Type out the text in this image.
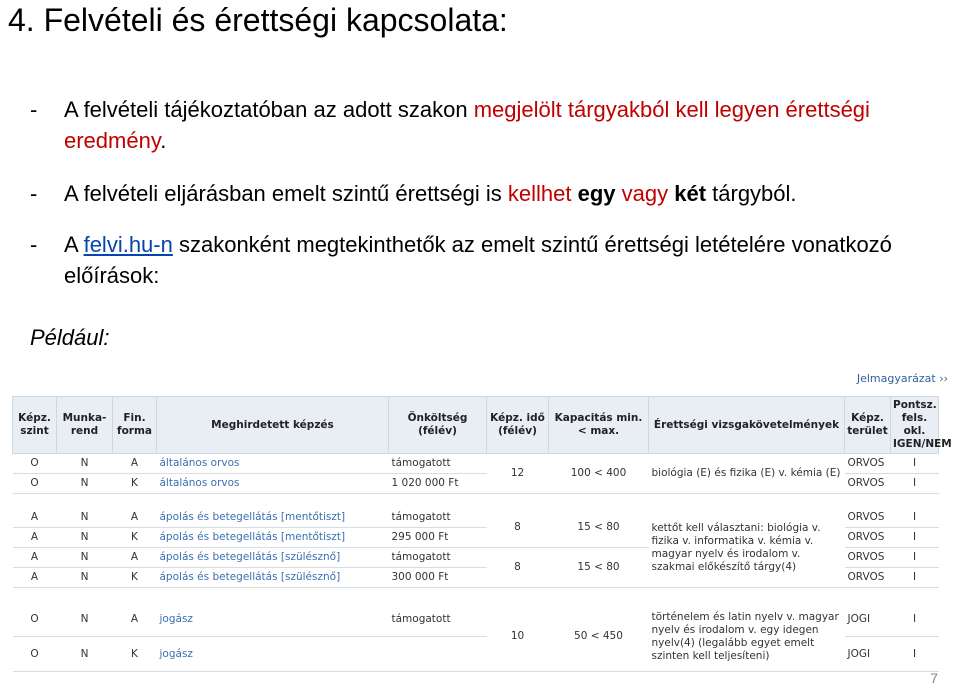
4. Felvételi és érettségi kapcsolata:

- A felvételi tájékoztatóban az adott szakon megjelölt tárgyakból kell legyen érettségi eredmény.

- A felvételi eljárásban emelt szintű érettségi is kellhet egy vagy két tárgyból.

- A felvi.hu-n szakonként megtekinthetők az emelt szintű érettségi letételére vonatkozó előírások:

Például:
Jelmagyarázat ››
Képz. szint	Munka-rend	Fin. forma	Meghirdetett képzés	Önköltség (félév)	Képz. idő (félév)	Kapacitás min. < max.	Érettségi vizsgakövetelmények	Képz. terület	Pontsz. fels. okl. IGEN/NEM
O	N	A	általános orvos	támogatott	12	100 < 400	biológia (E) és fizika (E) v. kémia (E)	ORVOS	I
O	N	K	általános orvos	1 020 000 Ft				ORVOS	I

A	N	A	ápolás és betegellátás [mentőtiszt]	támogatott	8	15 < 80	kettőt kell választani: biológia v. fizika v. informatika v. kémia v. magyar nyelv és irodalom v. szakmai előkészítő tárgy(4)	ORVOS	I
A	N	K	ápolás és betegellátás [mentőtiszt]	295 000 Ft				ORVOS	I
A	N	A	ápolás és betegellátás [szülésznő]	támogatott	8	15 < 80		ORVOS	I
A	N	K	ápolás és betegellátás [szülésznő]	300 000 Ft				ORVOS	I

O	N	A	jogász	támogatott	10	50 < 450	történelem és latin nyelv v. magyar nyelv és irodalom v. egy idegen nyelv(4) (legalább egyet emelt szinten kell teljesíteni)	JOGI	I
O	N	K	jogász					JOGI	I
7
